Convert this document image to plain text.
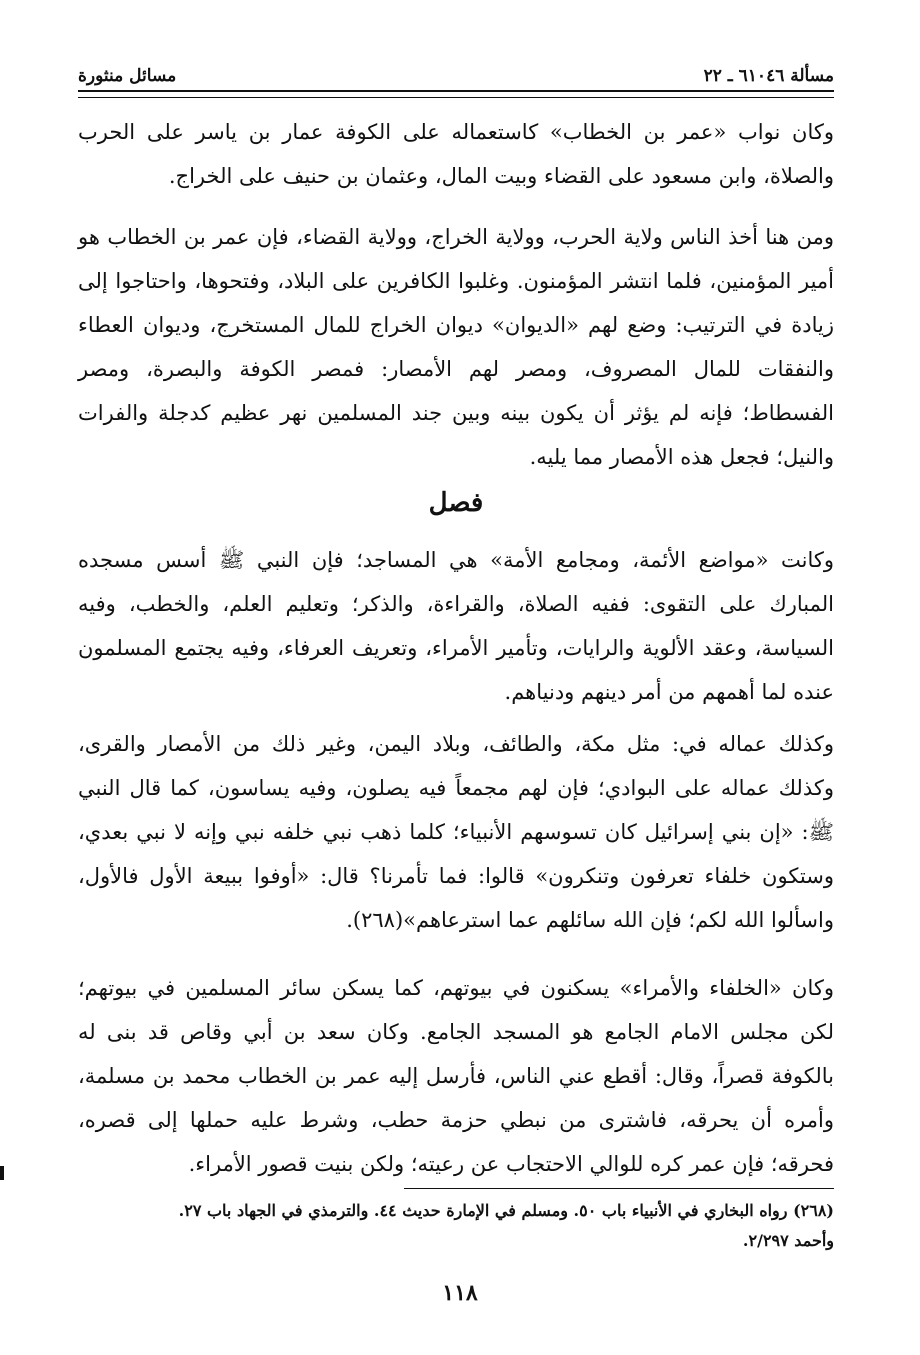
مسألة ٦١٠٤٦ ـ ٢٢
مسائل منثورة

وكان نواب «عمر بن الخطاب» كاستعماله على الكوفة عمار بن ياسر على الحرب والصلاة، وابن مسعود على القضاء وبيت المال، وعثمان بن حنيف على الخراج.

ومن هنا أخذ الناس ولاية الحرب، وولاية الخراج، وولاية القضاء، فإن عمر بن الخطاب هو أمير المؤمنين، فلما انتشر المؤمنون. وغلبوا الكافرين على البلاد، وفتحوها، واحتاجوا إلى زيادة في الترتيب: وضع لهم «الديوان» ديوان الخراج للمال المستخرج، وديوان العطاء والنفقات للمال المصروف، ومصر لهم الأمصار: فمصر الكوفة والبصرة، ومصر الفسطاط؛ فإنه لم يؤثر أن يكون بينه وبين جند المسلمين نهر عظيم كدجلة والفرات والنيل؛ فجعل هذه الأمصار مما يليه.

فصل

وكانت «مواضع الأئمة، ومجامع الأمة» هي المساجد؛ فإن النبي ﷺ أسس مسجده المبارك على التقوى: ففيه الصلاة، والقراءة، والذكر؛ وتعليم العلم، والخطب، وفيه السياسة، وعقد الألوية والرايات، وتأمير الأمراء، وتعريف العرفاء، وفيه يجتمع المسلمون عنده لما أهمهم من أمر دينهم ودنياهم.

وكذلك عماله في: مثل مكة، والطائف، وبلاد اليمن، وغير ذلك من الأمصار والقرى، وكذلك عماله على البوادي؛ فإن لهم مجمعاً فيه يصلون، وفيه يساسون، كما قال النبي ﷺ: «إن بني إسرائيل كان تسوسهم الأنبياء؛ كلما ذهب نبي خلفه نبي وإنه لا نبي بعدي، وستكون خلفاء تعرفون وتنكرون» قالوا: فما تأمرنا؟ قال: «أوفوا ببيعة الأول فالأول، واسألوا الله لكم؛ فإن الله سائلهم عما استرعاهم»(٢٦٨).

وكان «الخلفاء والأمراء» يسكنون في بيوتهم، كما يسكن سائر المسلمين في بيوتهم؛ لكن مجلس الامام الجامع هو المسجد الجامع. وكان سعد بن أبي وقاص قد بنى له بالكوفة قصراً، وقال: أقطع عني الناس، فأرسل إليه عمر بن الخطاب محمد بن مسلمة، وأمره أن يحرقه، فاشترى من نبطي حزمة حطب، وشرط عليه حملها إلى قصره، فحرقه؛ فإن عمر كره للوالي الاحتجاب عن رعيته؛ ولكن بنيت قصور الأمراء.

(٢٦٨) رواه البخاري في الأنبياء باب ٥٠. ومسلم في الإمارة حديث ٤٤. والترمذي في الجهاد باب ٢٧.

وأحمد ٢/٢٩٧.

١١٨
